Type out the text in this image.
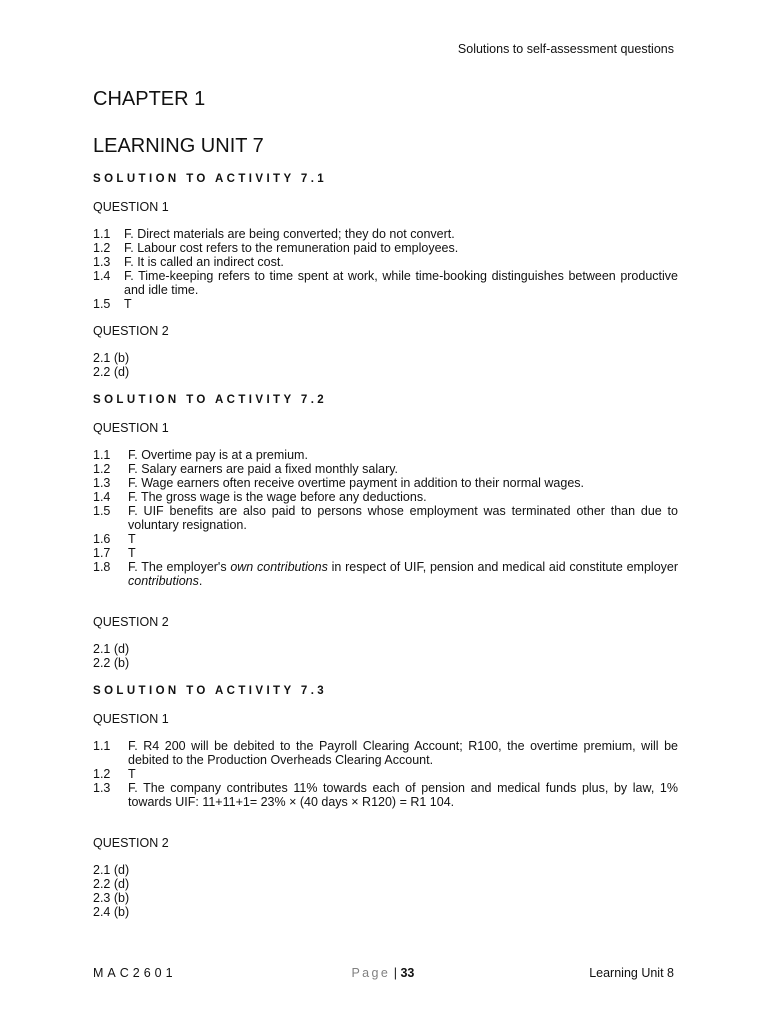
Solutions to self-assessment questions
CHAPTER 1
LEARNING UNIT 7
SOLUTION TO ACTIVITY 7.1
QUESTION 1
1.1	F. Direct materials are being converted; they do not convert.
1.2	F. Labour cost refers to the remuneration paid to employees.
1.3	F. It is called an indirect cost.
1.4	F. Time-keeping refers to time spent at work, while time-booking distinguishes between productive and idle time.
1.5	T
QUESTION 2
2.1 (b)
2.2 (d)
SOLUTION TO ACTIVITY 7.2
QUESTION 1
1.1	F. Overtime pay is at a premium.
1.2	F. Salary earners are paid a fixed monthly salary.
1.3	F. Wage earners often receive overtime payment in addition to their normal wages.
1.4	F. The gross wage is the wage before any deductions.
1.5	F. UIF benefits are also paid to persons whose employment was terminated other than due to voluntary resignation.
1.6	T
1.7	T
1.8	F. The employer's own contributions in respect of UIF, pension and medical aid constitute employer contributions.
QUESTION 2
2.1 (d)
2.2 (b)
SOLUTION TO ACTIVITY 7.3
QUESTION 1
1.1	F. R4 200 will be debited to the Payroll Clearing Account; R100, the overtime premium, will be debited to the Production Overheads Clearing Account.
1.2	T
1.3	F. The company contributes 11% towards each of pension and medical funds plus, by law, 1% towards UIF: 11+11+1= 23% × (40 days × R120) = R1 104.
QUESTION 2
2.1 (d)
2.2 (d)
2.3 (b)
2.4 (b)
MAC2601	Page | 33	Learning Unit 8
